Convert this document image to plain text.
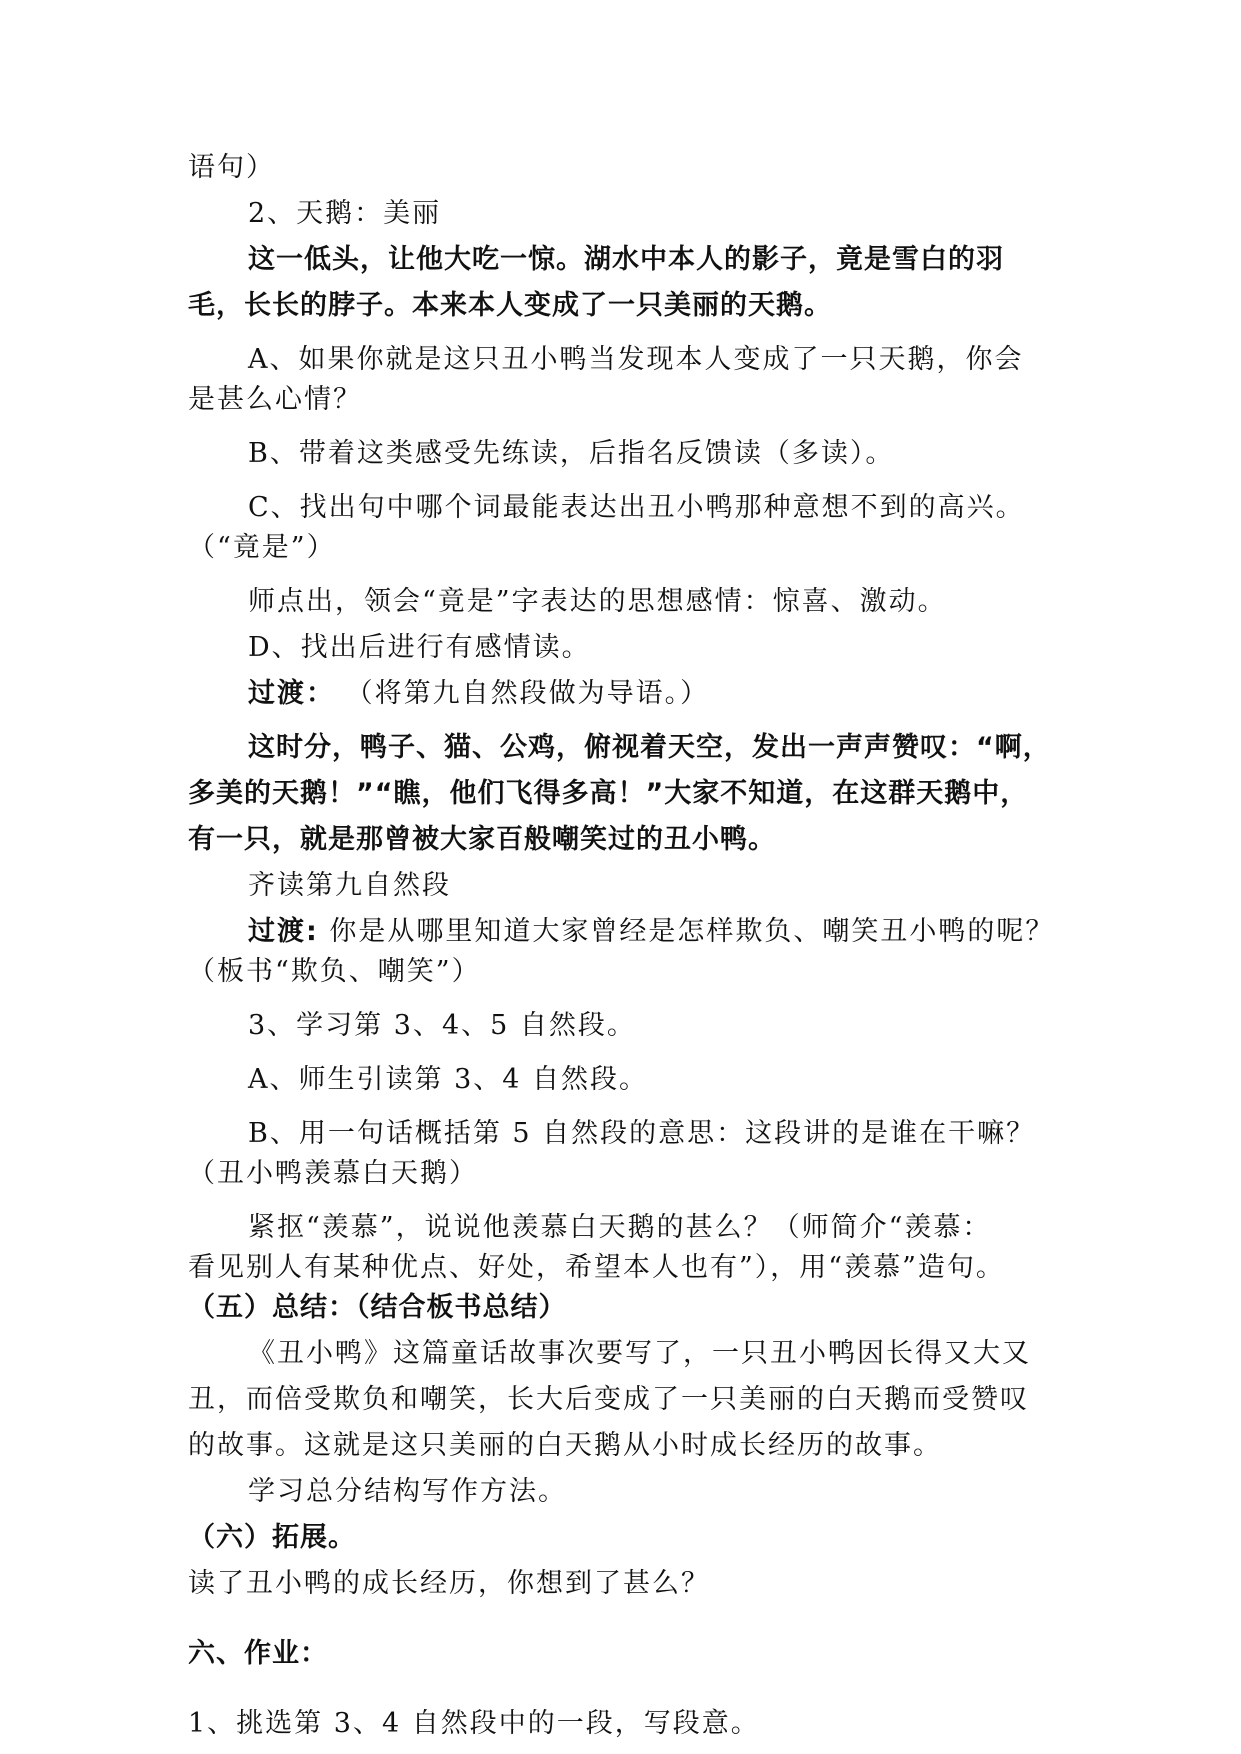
语句）

2、天鹅：美丽

这一低头，让他大吃一惊。湖水中本人的影子，竟是雪白的羽

毛，长长的脖子。本来本人变成了一只美丽的天鹅。

A、如果你就是这只丑小鸭当发现本人变成了一只天鹅，你会

是甚么心情？

B、带着这类感受先练读，后指名反馈读（多读）。

C、找出句中哪个词最能表达出丑小鸭那种意想不到的高兴。

（“竟是”）

师点出，领会“竟是”字表达的思想感情：惊喜、激动。

D、找出后进行有感情读。

过渡： （将第九自然段做为导语。）

这时分，鸭子、猫、公鸡，俯视着天空，发出一声声赞叹：“啊，

多美的天鹅！”“瞧，他们飞得多高！”大家不知道，在这群天鹅中，

有一只，就是那曾被大家百般嘲笑过的丑小鸭。

齐读第九自然段

过渡: 你是从哪里知道大家曾经是怎样欺负、嘲笑丑小鸭的呢？

（板书“欺负、嘲笑”）

3、学习第 3、4、5 自然段。

A、师生引读第 3、4 自然段。

B、用一句话概括第 5 自然段的意思：这段讲的是谁在干嘛？

（丑小鸭羡慕白天鹅）

紧抠“羡慕”，说说他羡慕白天鹅的甚么？（师简介“羡慕：

看见别人有某种优点、好处，希望本人也有”），用“羡慕”造句。

（五）总结：（结合板书总结）

《丑小鸭》这篇童话故事次要写了，一只丑小鸭因长得又大又

丑，而倍受欺负和嘲笑，长大后变成了一只美丽的白天鹅而受赞叹

的故事。这就是这只美丽的白天鹅从小时成长经历的故事。

学习总分结构写作方法。

（六）拓展。

读了丑小鸭的成长经历，你想到了甚么？

六、作业：

1、挑选第 3、4 自然段中的一段，写段意。
